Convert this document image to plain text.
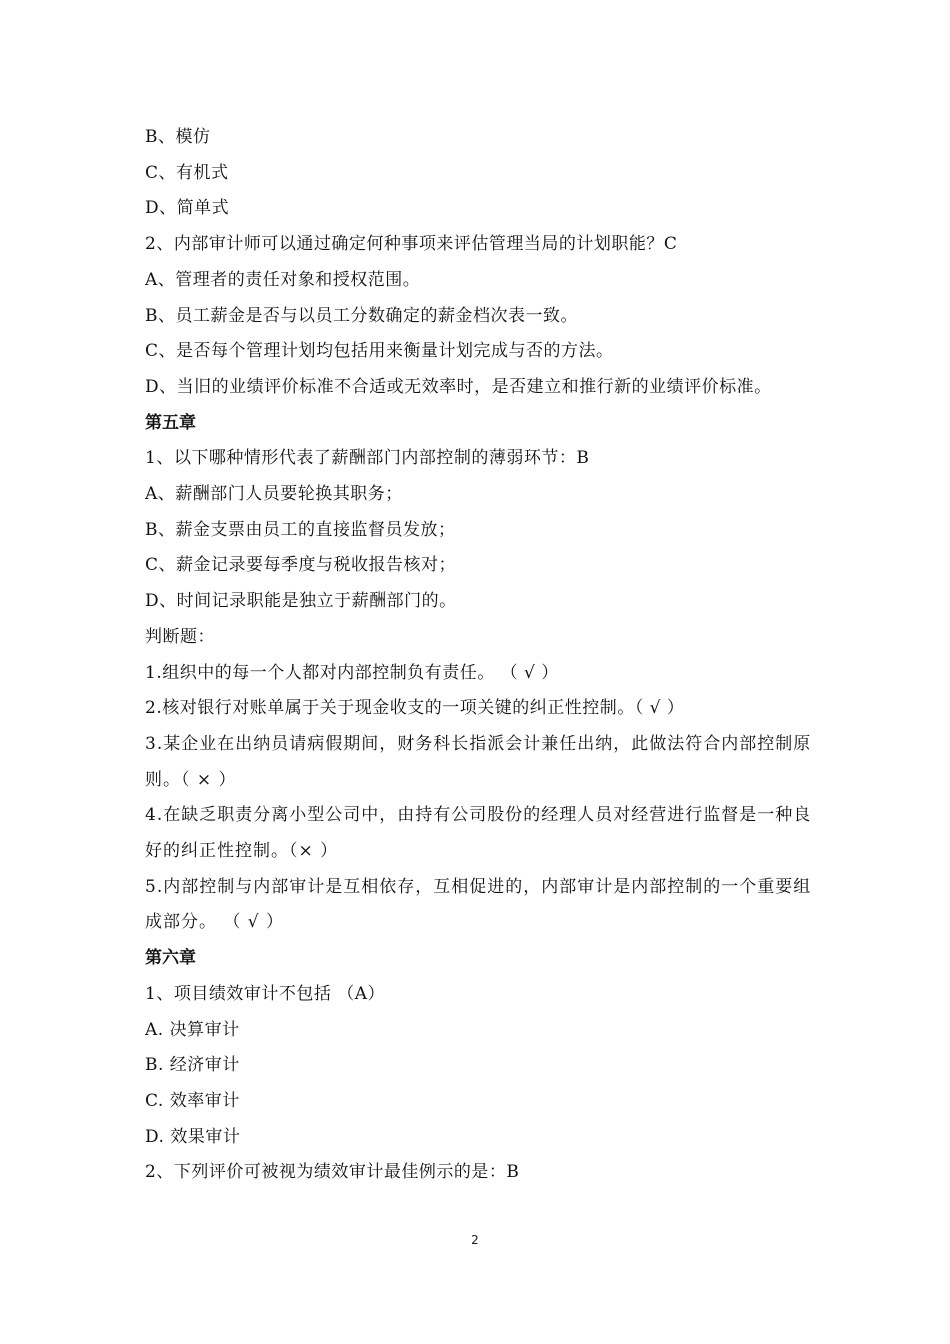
B、模仿
C、有机式
D、简单式
2、内部审计师可以通过确定何种事项来评估管理当局的计划职能？C
A、管理者的责任对象和授权范围。
B、员工薪金是否与以员工分数确定的薪金档次表一致。
C、是否每个管理计划均包括用来衡量计划完成与否的方法。
D、当旧的业绩评价标准不合适或无效率时，是否建立和推行新的业绩评价标准。
第五章
1、以下哪种情形代表了薪酬部门内部控制的薄弱环节：B
A、薪酬部门人员要轮换其职务；
B、薪金支票由员工的直接监督员发放；
C、薪金记录要每季度与税收报告核对；
D、时间记录职能是独立于薪酬部门的。
判断题：
1.组织中的每一个人都对内部控制负有责任。 （ √ ）
2.核对银行对账单属于关于现金收支的一项关键的纠正性控制。（ √ ）
3.某企业在出纳员请病假期间，财务科长指派会计兼任出纳，此做法符合内部控制原则。（ × ）
4.在缺乏职责分离小型公司中，由持有公司股份的经理人员对经营进行监督是一种良好的纠正性控制。（× ）
5.内部控制与内部审计是互相依存，互相促进的，内部审计是内部控制的一个重要组成部分。 （ √ ）
第六章
1、项目绩效审计不包括 （A）
A. 决算审计
B. 经济审计
C. 效率审计
D. 效果审计
2、下列评价可被视为绩效审计最佳例示的是：B
2
